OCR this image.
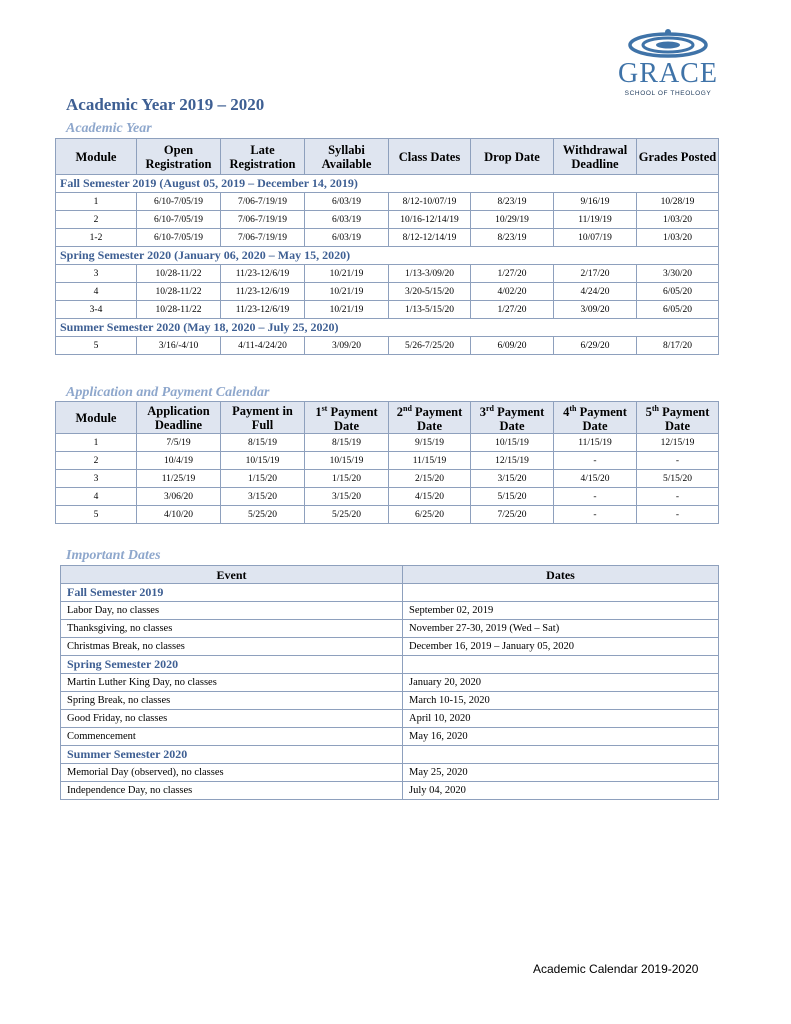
GRACE
SCHOOL OF THEOLOGY
Academic Year 2019 – 2020
Academic Year
Module	Open Registration	Late Registration	Syllabi Available	Class Dates	Drop Date	Withdrawal Deadline	Grades Posted
Fall Semester 2019 (August 05, 2019 – December 14, 2019)							
1	6/10-7/05/19	7/06-7/19/19	6/03/19	8/12-10/07/19	8/23/19	9/16/19	10/28/19
2	6/10-7/05/19	7/06-7/19/19	6/03/19	10/16-12/14/19	10/29/19	11/19/19	1/03/20
1-2	6/10-7/05/19	7/06-7/19/19	6/03/19	8/12-12/14/19	8/23/19	10/07/19	1/03/20
Spring Semester 2020 (January 06, 2020 – May 15, 2020)							
3	10/28-11/22	11/23-12/6/19	10/21/19	1/13-3/09/20	1/27/20	2/17/20	3/30/20
4	10/28-11/22	11/23-12/6/19	10/21/19	3/20-5/15/20	4/02/20	4/24/20	6/05/20
3-4	10/28-11/22	11/23-12/6/19	10/21/19	1/13-5/15/20	1/27/20	3/09/20	6/05/20
Summer Semester 2020 (May 18, 2020 – July 25, 2020)							
5	3/16/-4/10	4/11-4/24/20	3/09/20	5/26-7/25/20	6/09/20	6/29/20	8/17/20
Application and Payment Calendar
Module	Application Deadline	Payment in Full	1st Payment Date	2nd Payment Date	3rd Payment Date	4th Payment Date	5th Payment Date
1	7/5/19	8/15/19	8/15/19	9/15/19	10/15/19	11/15/19	12/15/19
2	10/4/19	10/15/19	10/15/19	11/15/19	12/15/19	-	-
3	11/25/19	1/15/20	1/15/20	2/15/20	3/15/20	4/15/20	5/15/20
4	3/06/20	3/15/20	3/15/20	4/15/20	5/15/20	-	-
5	4/10/20	5/25/20	5/25/20	6/25/20	7/25/20	-	-
Important Dates
Event	Dates
Fall Semester 2019	
Labor Day, no classes	September 02, 2019
Thanksgiving, no classes	November 27-30, 2019 (Wed – Sat)
Christmas Break, no classes	December 16, 2019 – January 05, 2020
Spring Semester 2020	
Martin Luther King Day, no classes	January 20, 2020
Spring Break, no classes	March 10-15, 2020
Good Friday, no classes	April 10, 2020
Commencement	May 16, 2020
Summer Semester 2020	
Memorial Day (observed), no classes	May 25, 2020
Independence Day, no classes	July 04, 2020
Academic Calendar 2019-2020
